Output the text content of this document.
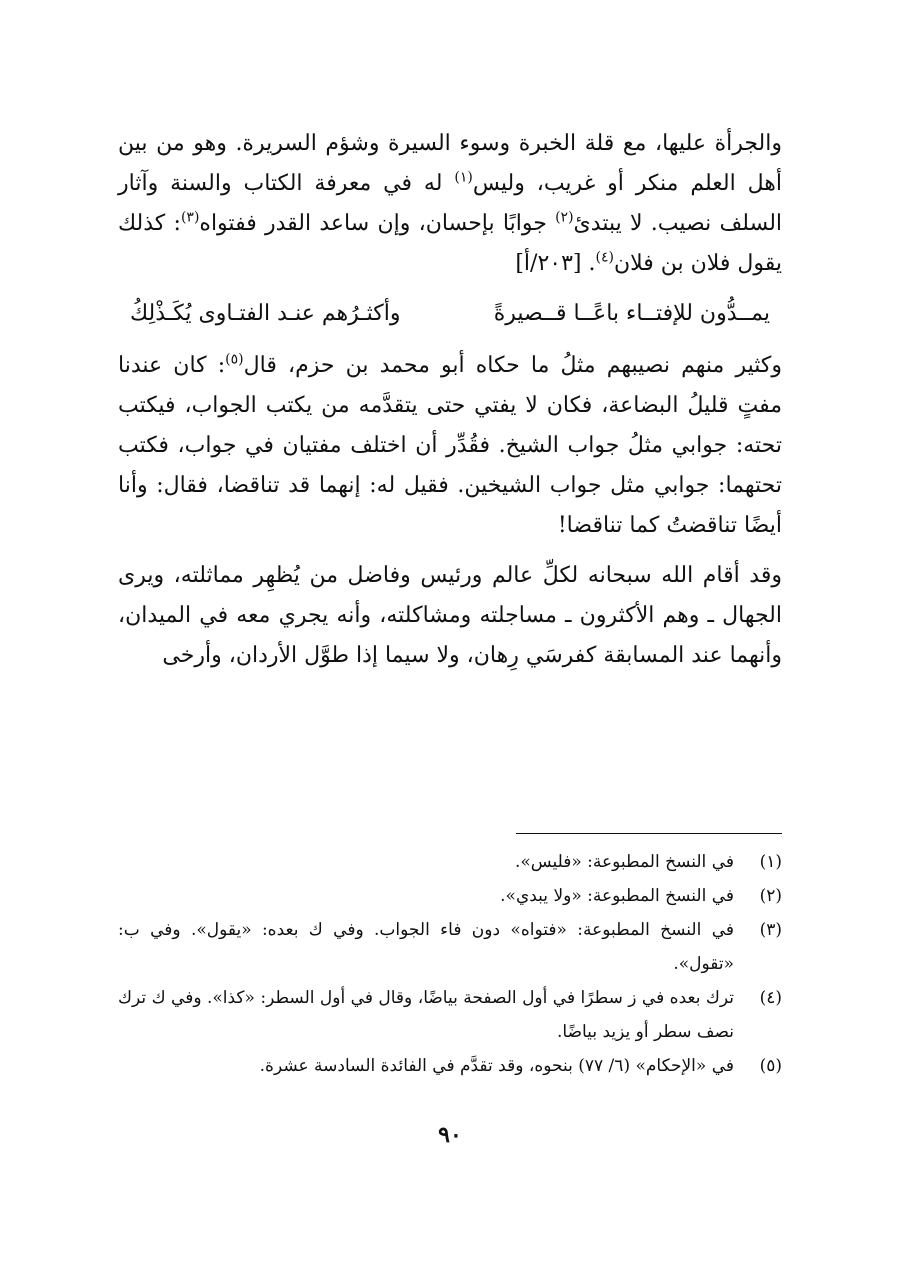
والجرأة عليها، مع قلة الخبرة وسوء السيرة وشؤم السريرة. وهو من بين أهل العلم منكر أو غريب، وليس$^{(١)}$ له في معرفة الكتاب والسنة وآثار السلف نصيب. لا يبتدئ$^{(٢)}$ جوابًا بإحسان، وإن ساعد القدر ففتواه$^{(٣)}$: كذلك يقول فلان بن فلان$^{(٤)}$. [٢٠٣/أ]

يمــدُّون للإفتــاء باعًــا قــصيرةً
وأكثـرُهم عنـد الفتـاوى يُكَـذْلِكُ

وكثير منهم نصيبهم مثلُ ما حكاه أبو محمد بن حزم، قال$^{(٥)}$: كان عندنا مفتٍ قليلُ البضاعة، فكان لا يفتي حتى يتقدَّمه من يكتب الجواب، فيكتب تحته: جوابي مثلُ جواب الشيخ. فقُدِّر أن اختلف مفتيان في جواب، فكتب تحتهما: جوابي مثل جواب الشيخين. فقيل له: إنهما قد تناقضا، فقال: وأنا أيضًا تناقضتُ كما تناقضا!

وقد أقام الله سبحانه لكلِّ عالم ورئيس وفاضل من يُظهِر مماثلته، ويرى الجهال ـ وهم الأكثرون ـ مساجلته ومشاكلته، وأنه يجري معه في الميدان، وأنهما عند المسابقة كفرسَي رِهان، ولا سيما إذا طوَّل الأردان، وأرخى

(١)
في النسخ المطبوعة: «فليس».
(٢)
في النسخ المطبوعة: «ولا يبدي».
(٣)
في النسخ المطبوعة: «فتواه» دون فاء الجواب. وفي ك بعده: «يقول». وفي ب: «تقول».
(٤)
ترك بعده في ز سطرًا في أول الصفحة بياضًا، وقال في أول السطر: «كذا». وفي ك ترك نصف سطر أو يزيد بياضًا.
(٥)
في «الإحكام» (٦/ ٧٧) بنحوه، وقد تقدَّم في الفائدة السادسة عشرة.
٩٠
